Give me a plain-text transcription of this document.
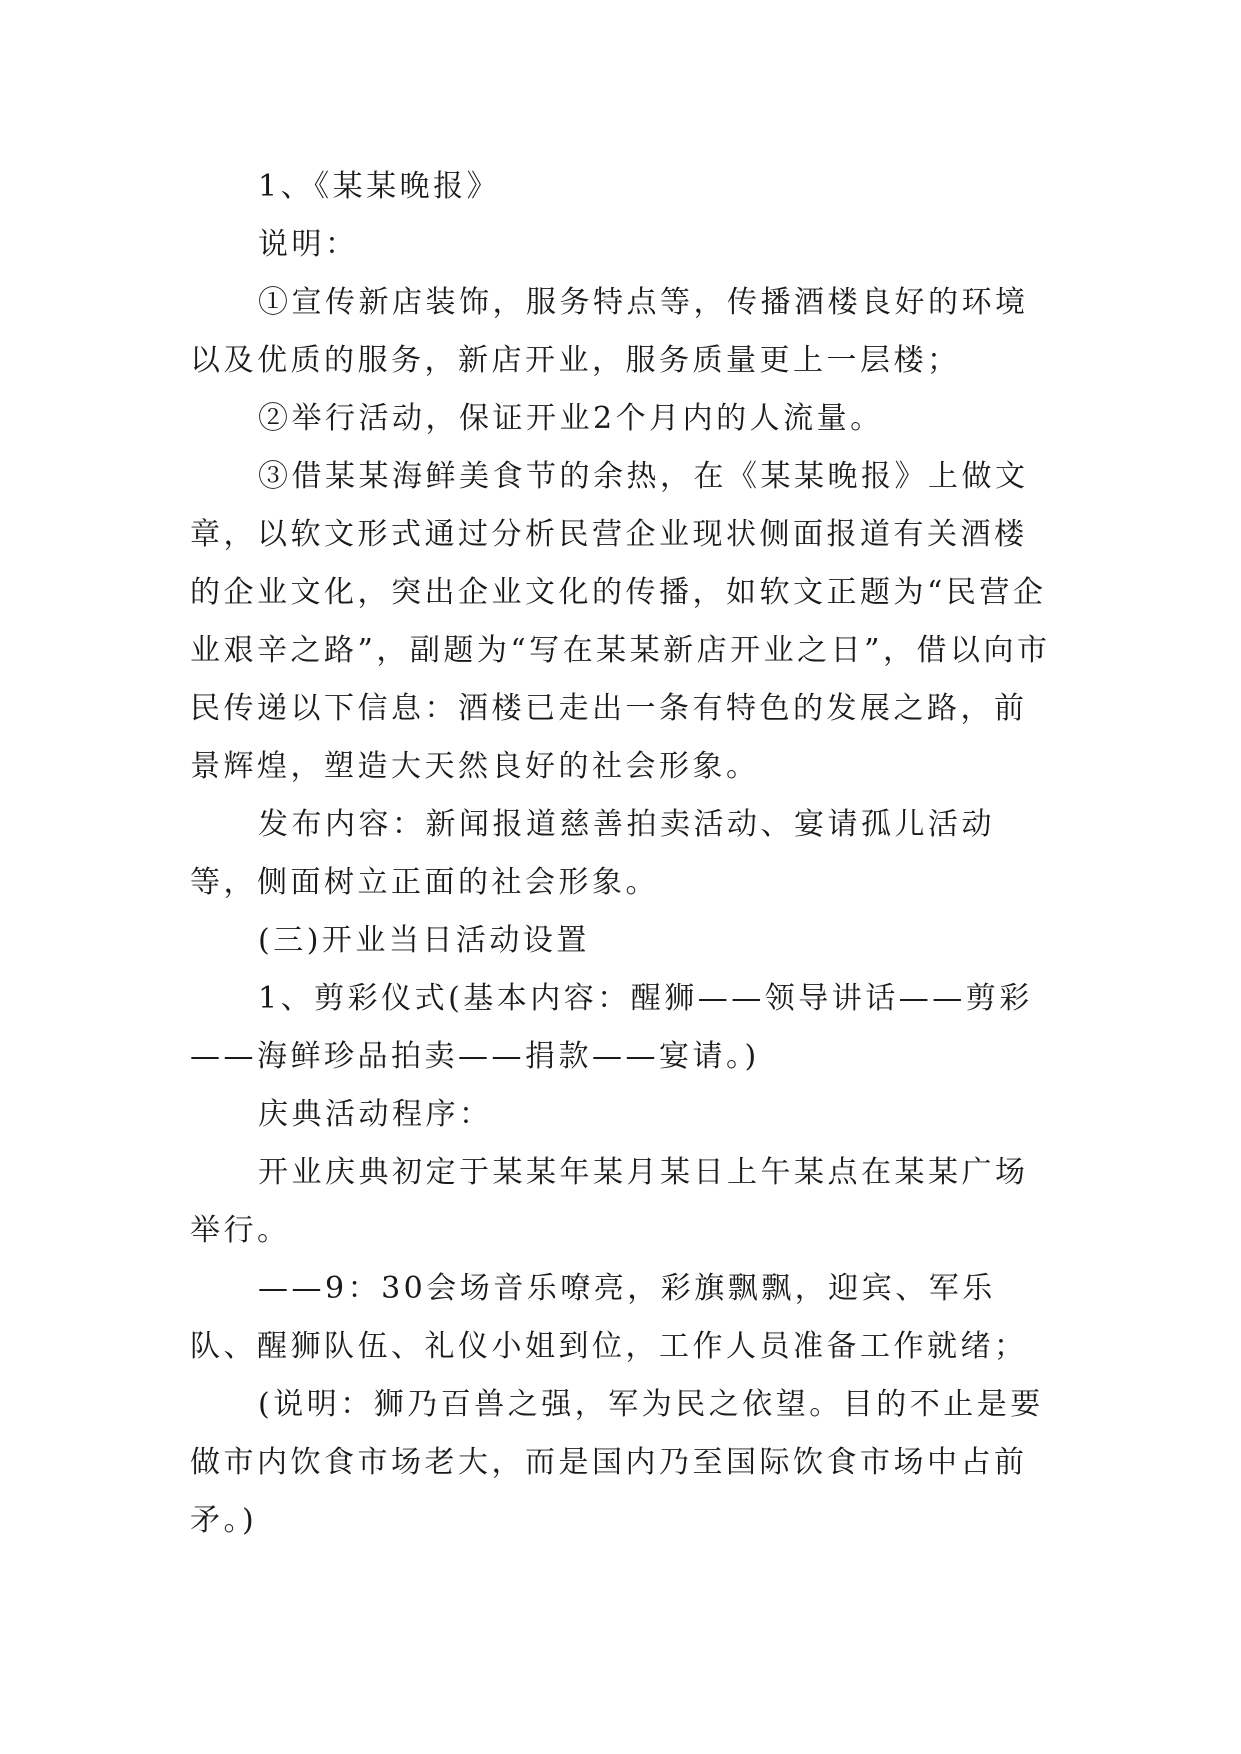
1、《某某晚报》

说明：

①宣传新店装饰，服务特点等，传播酒楼良好的环境以及优质的服务，新店开业，服务质量更上一层楼；

②举行活动，保证开业2个月内的人流量。

③借某某海鲜美食节的余热，在《某某晚报》上做文章，以软文形式通过分析民营企业现状侧面报道有关酒楼的企业文化，突出企业文化的传播，如软文正题为“民营企业艰辛之路”，副题为“写在某某新店开业之日”，借以向市民传递以下信息：酒楼已走出一条有特色的发展之路，前景辉煌，塑造大天然良好的社会形象。

发布内容：新闻报道慈善拍卖活动、宴请孤儿活动等，侧面树立正面的社会形象。

(三)开业当日活动设置

1、剪彩仪式(基本内容：醒狮——领导讲话——剪彩——海鲜珍品拍卖——捐款——宴请。)

庆典活动程序：

开业庆典初定于某某年某月某日上午某点在某某广场举行。

——9：30会场音乐嘹亮，彩旗飘飘，迎宾、军乐队、醒狮队伍、礼仪小姐到位，工作人员准备工作就绪；

(说明：狮乃百兽之强，军为民之依望。目的不止是要做市内饮食市场老大，而是国内乃至国际饮食市场中占前矛。)
